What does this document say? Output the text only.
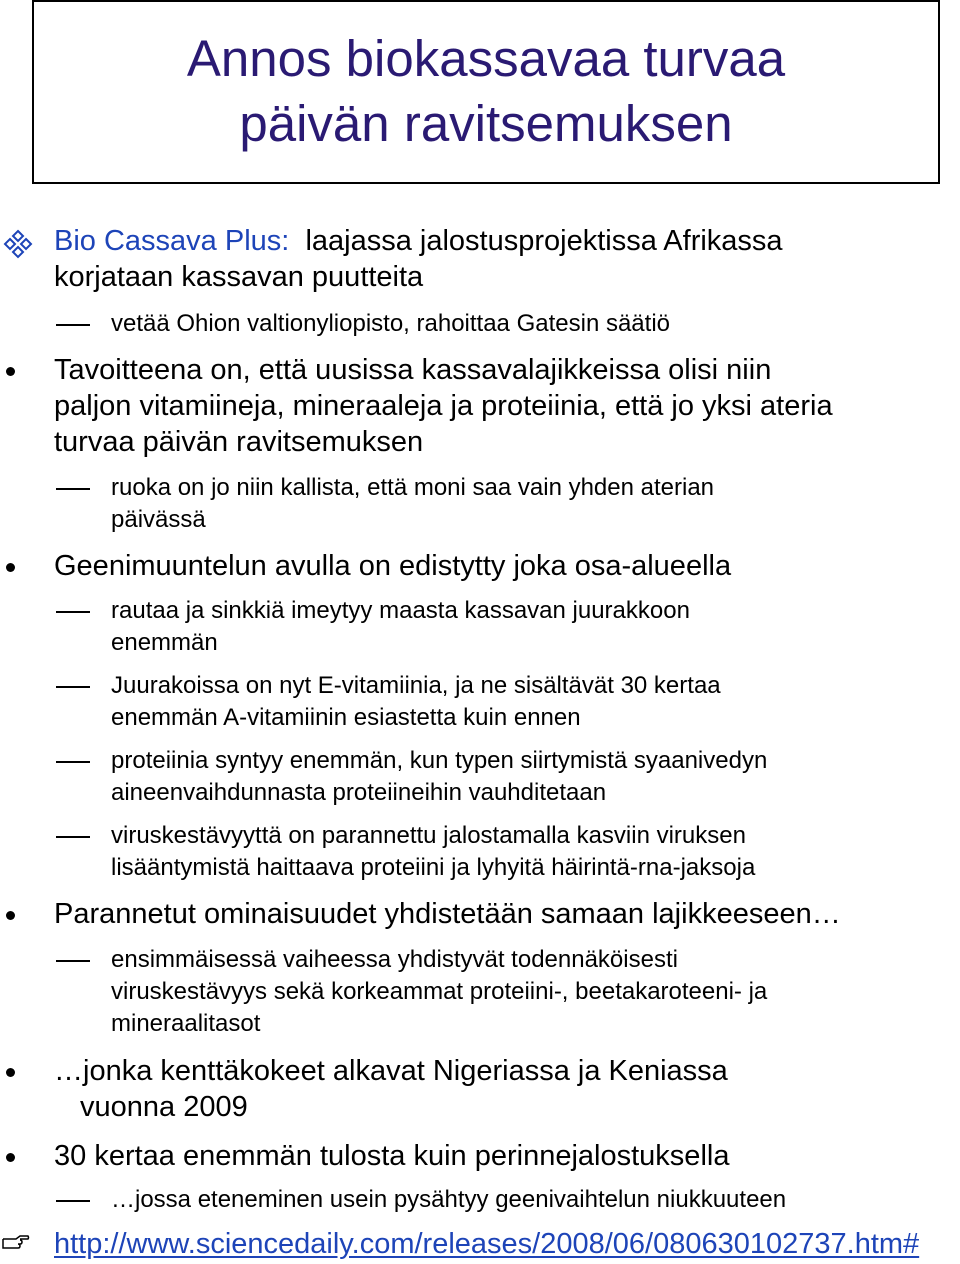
Annos biokassavaa turvaa
päivän ravitsemuksen
Bio Cassava Plus: laajassa jalostusprojektissa Afrikassa
korjataan kassavan puutteita
vetää Ohion valtionyliopisto, rahoittaa Gatesin säätiö
Tavoitteena on, että uusissa kassavalajikkeissa olisi niin
paljon vitamiineja, mineraaleja ja proteiinia, että jo yksi ateria
turvaa päivän ravitsemuksen
ruoka on jo niin kallista, että moni saa vain yhden aterian
päivässä
Geenimuuntelun avulla on edistytty joka osa-alueella
rautaa ja sinkkiä imeytyy maasta kassavan juurakkoon
enemmän
Juurakoissa on nyt E-vitamiinia, ja ne sisältävät 30 kertaa
enemmän A-vitamiinin esiastetta kuin ennen
proteiinia syntyy enemmän, kun typen siirtymistä syaanivedyn
aineenvaihdunnasta proteiineihin vauhditetaan
viruskestävyyttä on parannettu jalostamalla kasviin viruksen
lisääntymistä haittaava proteiini ja lyhyitä häirintä-rna-jaksoja
Parannetut ominaisuudet yhdistetään samaan lajikkeeseen…
ensimmäisessä vaiheessa yhdistyvät todennäköisesti
viruskestävyys sekä korkeammat proteiini-, beetakaroteeni- ja
mineraalitasot
…jonka kenttäkokeet alkavat Nigeriassa ja Keniassa
vuonna 2009
30 kertaa enemmän tulosta kuin perinnejalostuksella
…jossa eteneminen usein pysähtyy geenivaihtelun niukkuuteen
http://www.sciencedaily.com/releases/2008/06/080630102737.htm#
